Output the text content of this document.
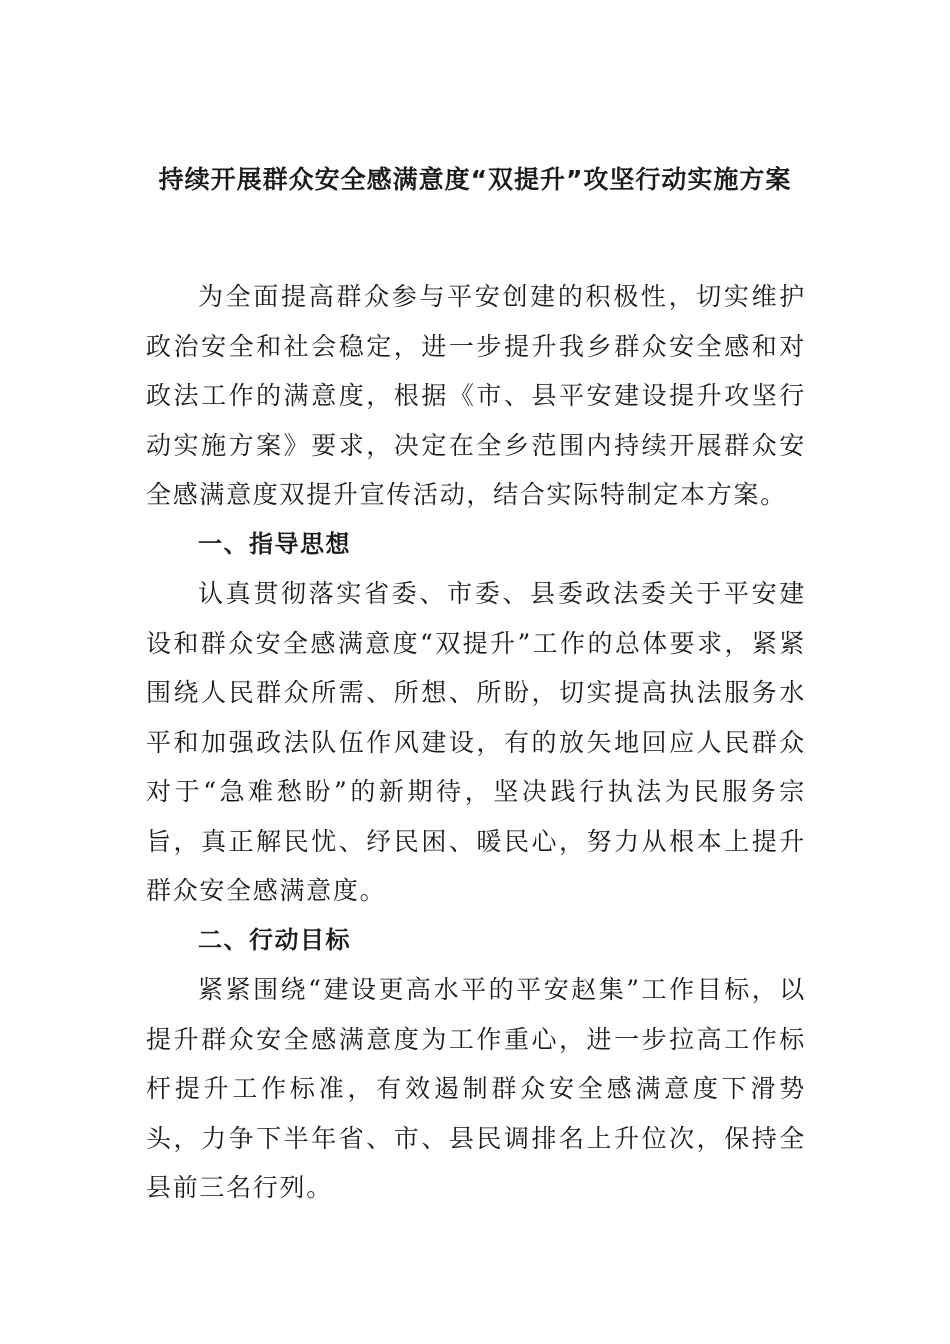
持续开展群众安全感满意度“双提升”攻坚行动实施方案

为全面提高群众参与平安创建的积极性，切实维护政治安全和社会稳定，进一步提升我乡群众安全感和对政法工作的满意度，根据《市、县平安建设提升攻坚行动实施方案》要求，决定在全乡范围内持续开展群众安全感满意度双提升宣传活动，结合实际特制定本方案。

一、指导思想

认真贯彻落实省委、市委、县委政法委关于平安建设和群众安全感满意度“双提升”工作的总体要求，紧紧围绕人民群众所需、所想、所盼，切实提高执法服务水平和加强政法队伍作风建设，有的放矢地回应人民群众对于“急难愁盼”的新期待，坚决践行执法为民服务宗旨，真正解民忧、纾民困、暖民心，努力从根本上提升群众安全感满意度。

二、行动目标

紧紧围绕“建设更高水平的平安赵集”工作目标，以提升群众安全感满意度为工作重心，进一步拉高工作标杆提升工作标准，有效遏制群众安全感满意度下滑势头，力争下半年省、市、县民调排名上升位次，保持全县前三名行列。
